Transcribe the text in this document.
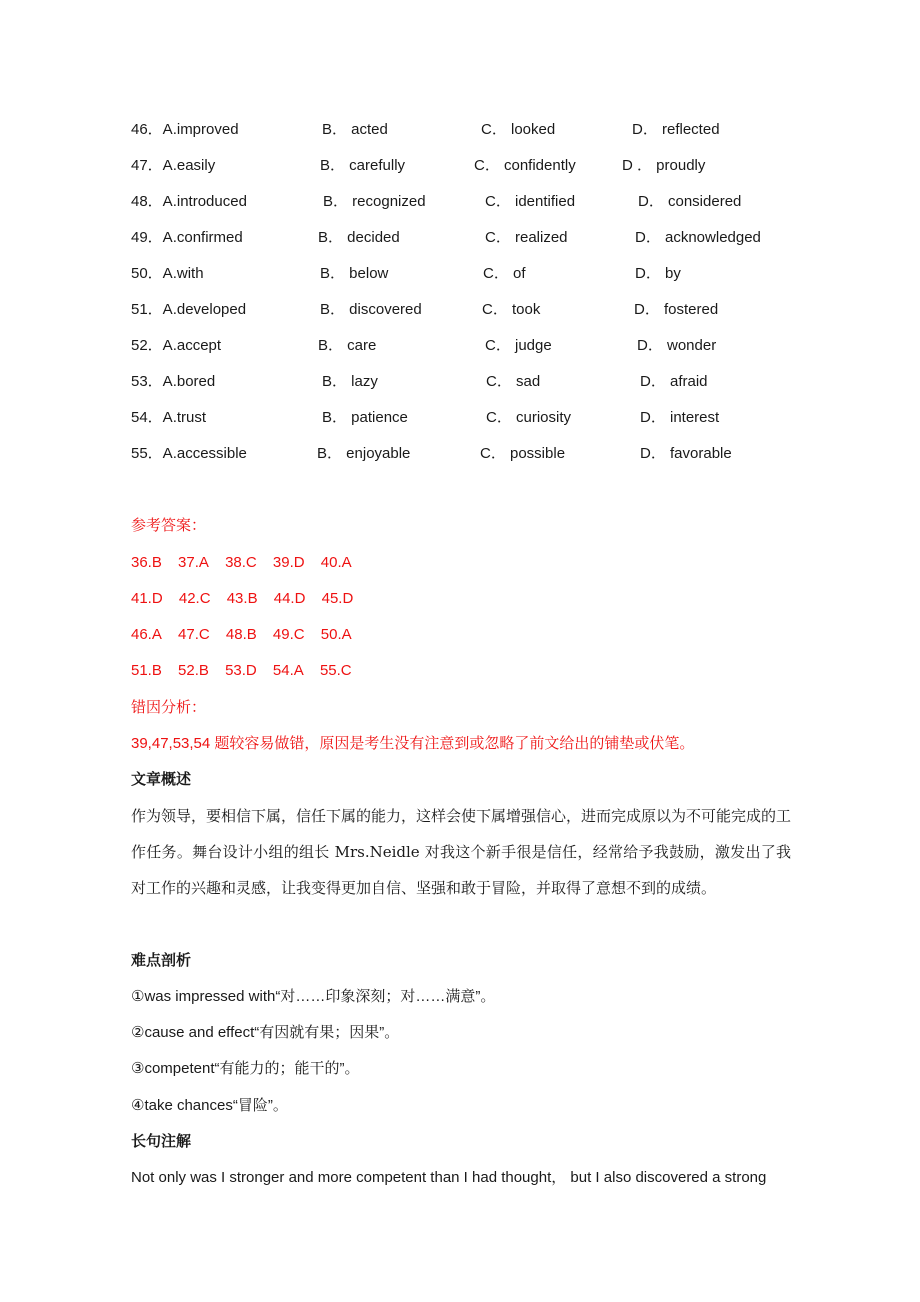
46．A.improved	B． acted	C． looked	D． reflected
47．A.easily	B． carefully	C． confidently	D ． proudly
48．A.introduced	B． recognized	C． identified	D． considered
49．A.confirmed	B． decided	C． realized	D． acknowledged
50．A.with	B． below	C． of	D． by
51．A.developed	B． discovered	C． took	D． fostered
52．A.accept	B． care	C． judge	D． wonder
53．A.bored	B． lazy	C． sad	D． afraid
54．A.trust	B． patience	C． curiosity	D． interest
55．A.accessible	B． enjoyable	C． possible	D． favorable
参考答案：
36.B 37.A 38.C 39.D 40.A
41.D 42.C 43.B 44.D 45.D
46.A 47.C 48.B 49.C 50.A
51.B 52.B 53.D 54.A 55.C
错因分析：
39,47,53,54 题较容易做错，原因是考生没有注意到或忽略了前文给出的铺垫或伏笔。
文章概述
作为领导，要相信下属，信任下属的能力，这样会使下属增强信心，进而完成原以为不可能完成的工作任务。舞台设计小组的组长 Mrs.Neidle 对我这个新手很是信任，经常给予我鼓励，激发出了我对工作的兴趣和灵感，让我变得更加自信、坚强和敢于冒险，并取得了意想不到的成绩。
难点剖析
①was impressed with“对……印象深刻；对……满意”。
②cause and effect“有因就有果；因果”。
③competent“有能力的；能干的”。
④take chances“冒险”。
长句注解
Not only was I stronger and more competent than I had thought， but I also discovered a strong
